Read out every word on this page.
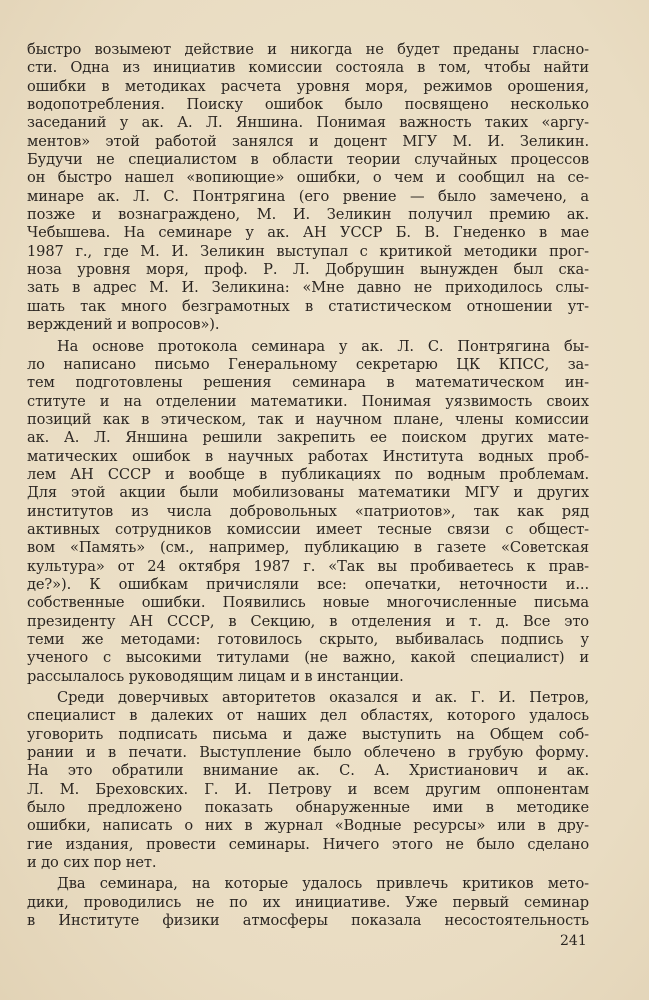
быстро возымеют действие и никогда не будет преданы гласно-
сти. Одна из инициатив комиссии состояла в том, чтобы найти
ошибки в методиках расчета уровня моря, режимов орошения,
водопотребления. Поиску ошибок было посвящено несколько
заседаний у ак. А. Л. Яншина. Понимая важность таких «аргу-
ментов» этой работой занялся и доцент МГУ М. И. Зеликин.
Будучи не специалистом в области теории случайных процессов
он быстро нашел «вопиющие» ошибки, о чем и сообщил на се-
минаре ак. Л. С. Понтрягина (его рвение — было замечено, а
позже и вознаграждено, М. И. Зеликин получил премию ак.
Чебышева. На семинаре у ак. АН УССР Б. В. Гнеденко в мае
1987 г., где М. И. Зеликин выступал с критикой методики прог-
ноза уровня моря, проф. Р. Л. Добрушин вынужден был ска-
зать в адрес М. И. Зеликина: «Мне давно не приходилось слы-
шать так много безграмотных в статистическом отношении ут-
верждений и вопросов»).
На основе протокола семинара у ак. Л. С. Понтрягина бы-
ло написано письмо Генеральному секретарю ЦК КПСС, за-
тем подготовлены решения семинара в математическом ин-
ституте и на отделении математики. Понимая уязвимость своих
позиций как в этическом, так и научном плане, члены комиссии
ак. А. Л. Яншина решили закрепить ее поиском других мате-
матических ошибок в научных работах Института водных проб-
лем АН СССР и вообще в публикациях по водным проблемам.
Для этой акции были мобилизованы математики МГУ и других
институтов из числа добровольных «патриотов», так как ряд
активных сотрудников комиссии имеет тесные связи с общест-
вом «Память» (см., например, публикацию в газете «Советская
культура» от 24 октября 1987 г. «Так вы пробиваетесь к прав-
де?»). К ошибкам причисляли все: опечатки, неточности и...
собственные ошибки. Появились новые многочисленные письма
президенту АН СССР, в Секцию, в отделения и т. д. Все это
теми же методами: готовилось скрыто, выбивалась подпись у
ученого с высокими титулами (не важно, какой специалист) и
рассылалось руководящим лицам и в инстанции.
Среди доверчивых авторитетов оказался и ак. Г. И. Петров,
специалист в далеких от наших дел областях, которого удалось
уговорить подписать письма и даже выступить на Общем соб-
рании и в печати. Выступление было облечено в грубую форму.
На это обратили внимание ак. С. А. Христианович и ак.
Л. М. Бреховских. Г. И. Петрову и всем другим оппонентам
было предложено показать обнаруженные ими в методике
ошибки, написать о них в журнал «Водные ресурсы» или в дру-
гие издания, провести семинары. Ничего этого не было сделано
и до сих пор нет.
Два семинара, на которые удалось привлечь критиков мето-
дики, проводились не по их инициативе. Уже первый семинар
в Институте физики атмосферы показала несостоятельность
241
